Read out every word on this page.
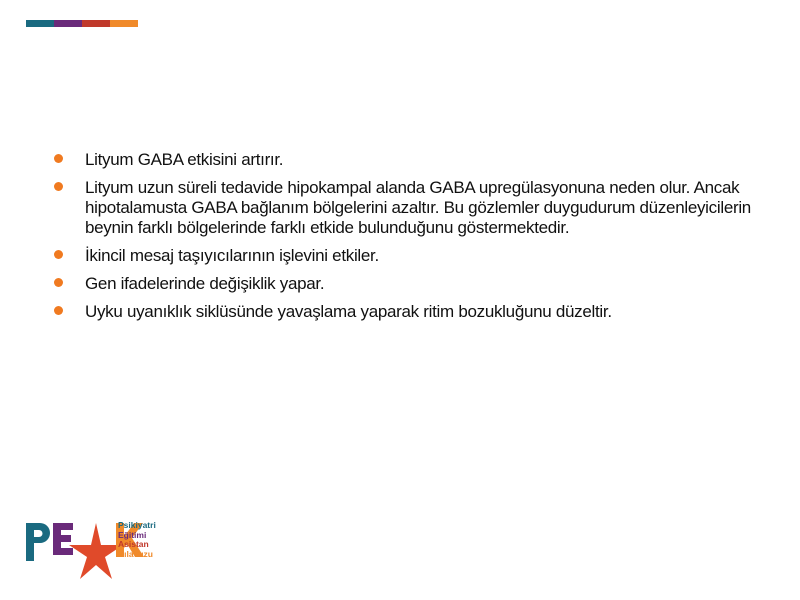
Lityum GABA etkisini artırır.
Lityum uzun süreli tedavide hipokampal alanda GABA upregülasyonuna neden olur. Ancak hipotalamusta GABA bağlanım bölgelerini azaltır. Bu gözlemler duygudurum düzenleyicilerin beynin farklı bölgelerinde farklı etkide bulunduğunu göstermektedir.
İkincil mesaj taşıyıcılarının işlevini etkiler.
Gen ifadelerinde değişiklik yapar.
Uyku uyanıklık siklüsünde yavaşlama yaparak ritim bozukluğunu düzeltir.
Psikiyatri
Eğitimi
Asistan
Kılavuzu
